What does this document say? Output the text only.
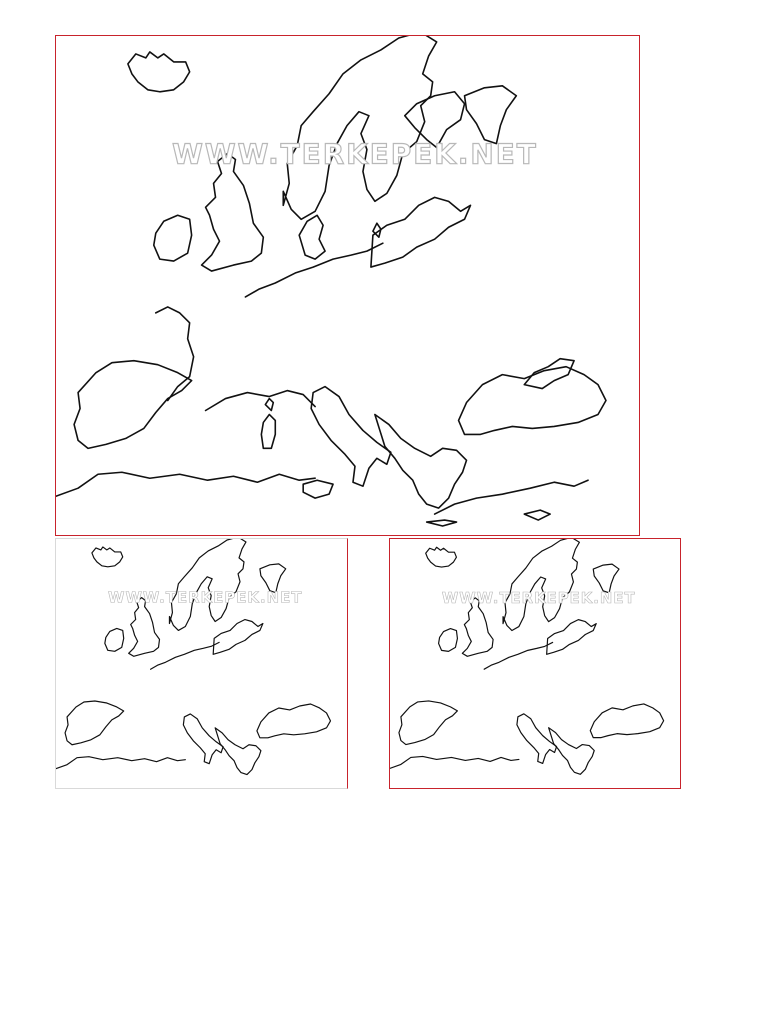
WWW.TERKEPEK.NET
WWW.TERKEPEK.NET	WWW.TERKEPEK.NET
